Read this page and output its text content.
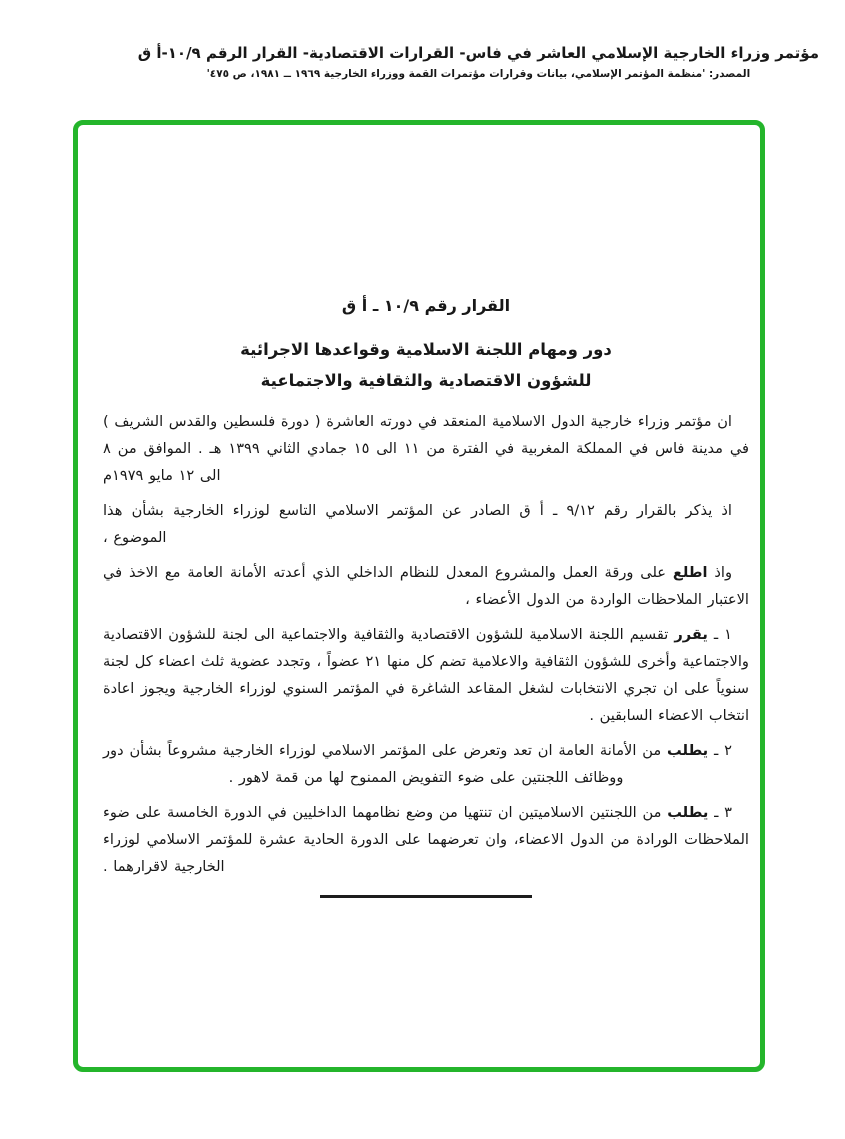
مؤتمر وزراء الخارجية الإسلامي العاشر في فاس- القرارات الاقتصادية- القرار الرقم ١٠/٩-أ ق
المصدر: 'منظمة المؤتمر الإسلامي، بيانات وقرارات مؤتمرات القمة ووزراء الخارجية ١٩٦٩ ــ ١٩٨١، ص ٤٧٥'
القرار رقم ١٠/٩ ـ أ ق
دور ومهام اللجنة الاسلامية وقواعدها الاجرائية
للشؤون الاقتصادية والثقافية والاجتماعية

ان مؤتمر وزراء خارجية الدول الاسلامية المنعقد في دورته العاشرة ( دورة فلسطين والقدس الشريف ) في مدينة فاس في المملكة المغربية في الفترة من ١١ الى ١٥ جمادي الثاني ١٣٩٩ هـ . الموافق من ٨ الى ١٢ مايو ١٩٧٩م

اذ يذكر بالقرار رقم ٩/١٢ ـ أ ق الصادر عن المؤتمر الاسلامي التاسع لوزراء الخارجية بشأن هذا الموضوع ،

واذ اطلع على ورقة العمل والمشروع المعدل للنظام الداخلي الذي أعدته الأمانة العامة مع الاخذ في الاعتبار الملاحظات الواردة من الدول الأعضاء ،

١ ـ يقرر تقسيم اللجنة الاسلامية للشؤون الاقتصادية والثقافية والاجتماعية الى لجنة للشؤون الاقتصادية والاجتماعية وأخرى للشؤون الثقافية والاعلامية تضم كل منها ٢١ عضواً ، وتجدد عضوية ثلث اعضاء كل لجنة سنوياً على ان تجري الانتخابات لشغل المقاعد الشاغرة في المؤتمر السنوي لوزراء الخارجية ويجوز اعادة انتخاب الاعضاء السابقين .

٢ ـ يطلب من الأمانة العامة ان تعد وتعرض على المؤتمر الاسلامي لوزراء الخارجية مشروعاً بشأن دور ووظائف اللجنتين على ضوء التفويض الممنوح لها من قمة لاهور .

٣ ـ يطلب من اللجنتين الاسلاميتين ان تنتهيا من وضع نظامهما الداخليين في الدورة الخامسة على ضوء الملاحظات الورادة من الدول الاعضاء، وان تعرضهما على الدورة الحادية عشرة للمؤتمر الاسلامي لوزراء الخارجية لاقرارهما .
